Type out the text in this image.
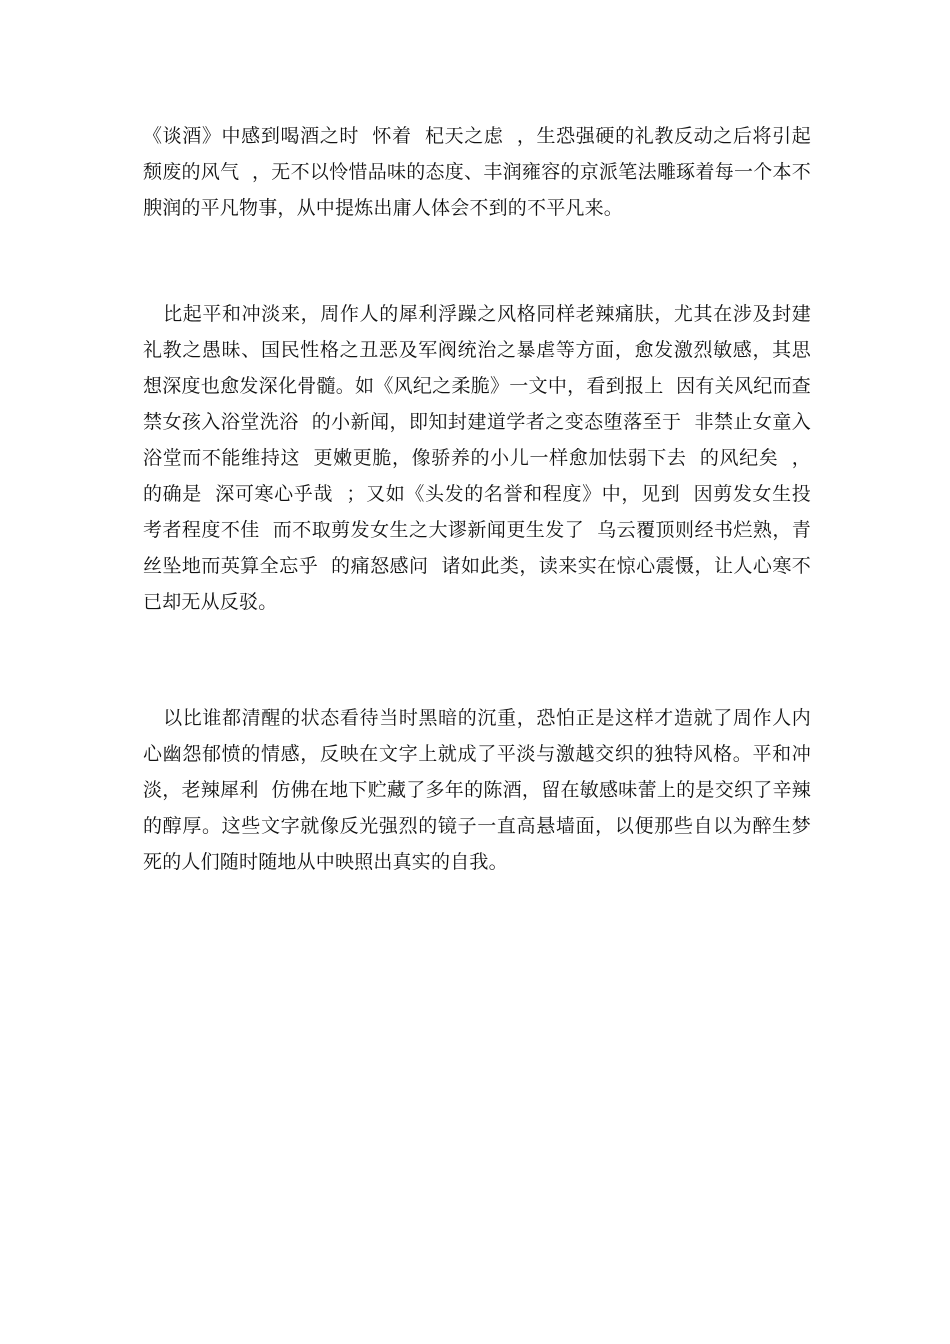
《谈酒》中感到喝酒之时  怀着  杞天之虑  ，生恐强硬的礼教反动之后将引起颓废的风气  ，无不以怜惜品味的态度、丰润雍容的京派笔法雕琢着每一个本不腴润的平凡物事，从中提炼出庸人体会不到的不平凡来。

比起平和冲淡来，周作人的犀利浮躁之风格同样老辣痛肤，尤其在涉及封建礼教之愚昧、国民性格之丑恶及军阀统治之暴虐等方面，愈发激烈敏感，其思想深度也愈发深化骨髓。如《风纪之柔脆》一文中，看到报上  因有关风纪而查禁女孩入浴堂洗浴  的小新闻，即知封建道学者之变态堕落至于  非禁止女童入浴堂而不能维持这  更嫩更脆，像骄养的小儿一样愈加怯弱下去  的风纪矣  ，的确是  深可寒心乎哉  ；又如《头发的名誉和程度》中，见到  因剪发女生投考者程度不佳  而不取剪发女生之大谬新闻更生发了  乌云覆顶则经书烂熟，青丝坠地而英算全忘乎  的痛怒感问  诸如此类，读来实在惊心震慑，让人心寒不已却无从反驳。

以比谁都清醒的状态看待当时黑暗的沉重，恐怕正是这样才造就了周作人内心幽怨郁愤的情感，反映在文字上就成了平淡与激越交织的独特风格。平和冲淡，老辣犀利  仿佛在地下贮藏了多年的陈酒，留在敏感味蕾上的是交织了辛辣的醇厚。这些文字就像反光强烈的镜子一直高悬墙面，以便那些自以为醉生梦死的人们随时随地从中映照出真实的自我。
